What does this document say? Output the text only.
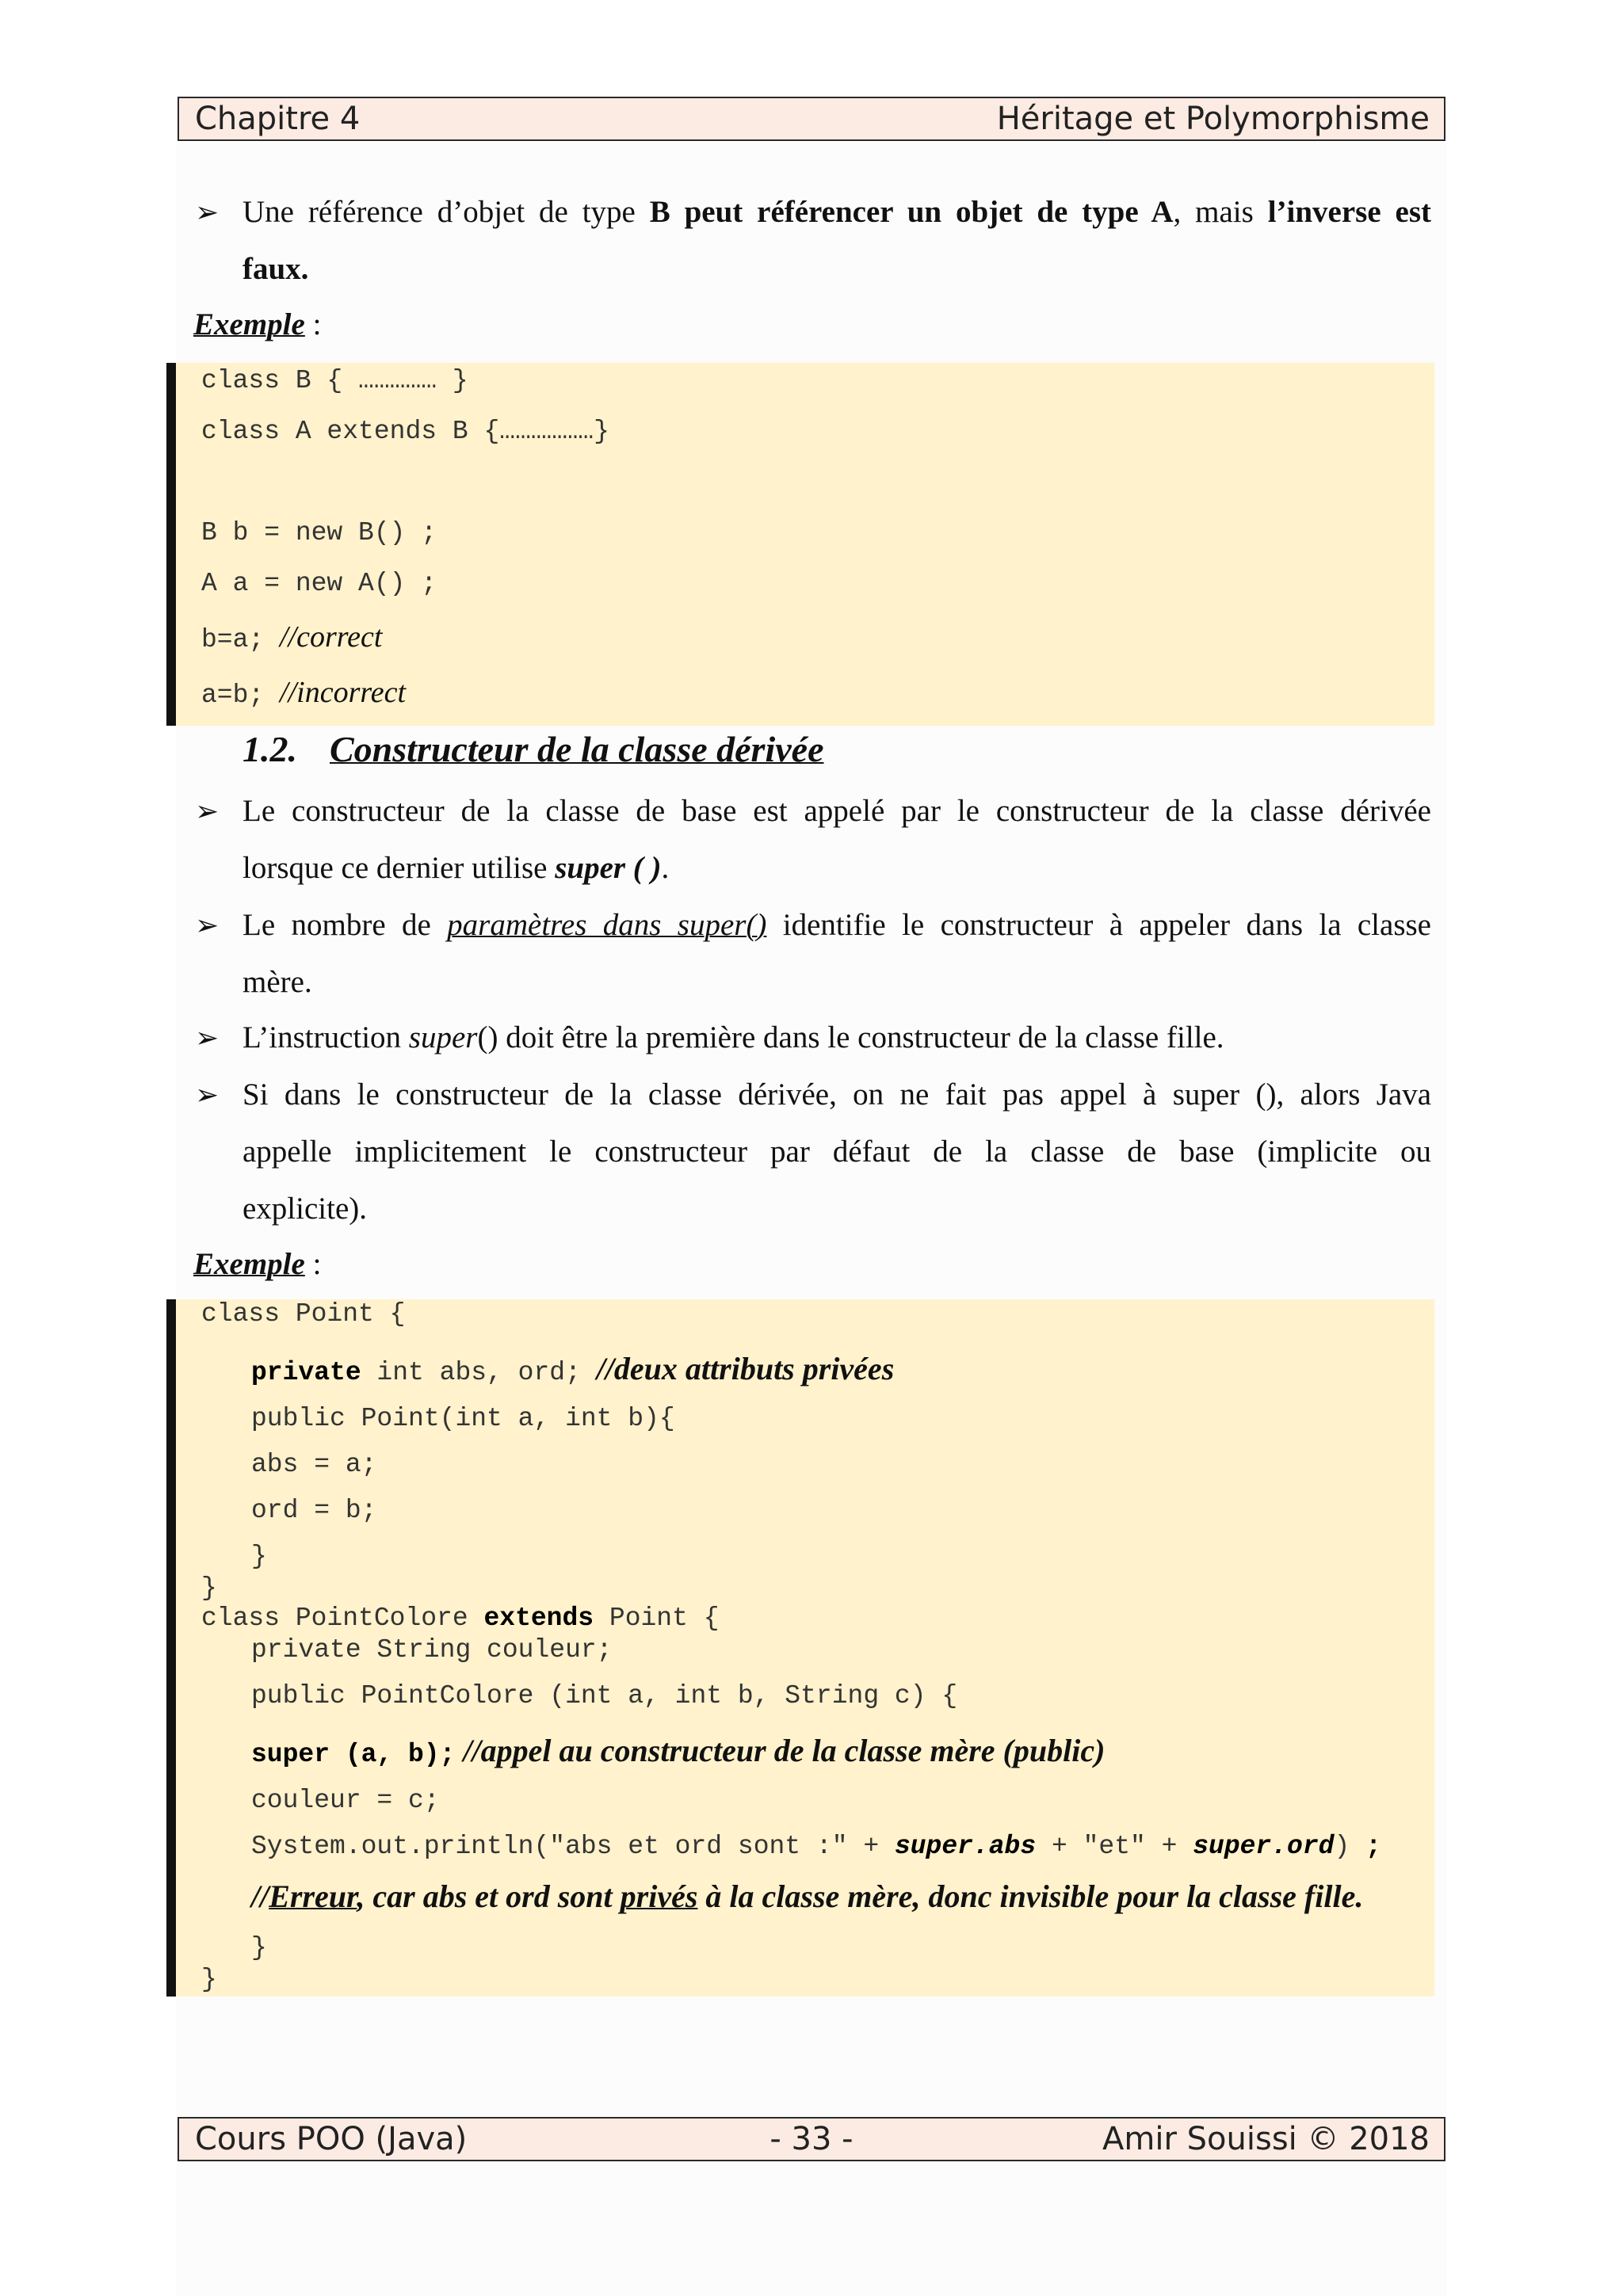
Chapitre 4	Héritage et Polymorphisme
➢ Une référence d’objet de type B peut référencer un objet de type A, mais l’inverse est
faux.
Exemple :
class B { …………… }
class A extends B {………………}
B b = new B() ;
A a = new A() ;
b=a; //correct
a=b; //incorrect
1.2. Constructeur de la classe dérivée
➢ Le constructeur de la classe de base est appelé par le constructeur de la classe dérivée
lorsque ce dernier utilise super ( ).
➢ Le nombre de paramètres dans super() identifie le constructeur à appeler dans la classe
mère.
➢ L’instruction super() doit être la première dans le constructeur de la classe fille.
➢ Si dans le constructeur de la classe dérivée, on ne fait pas appel à super (), alors Java
appelle implicitement le constructeur par défaut de la classe de base (implicite ou
explicite).
Exemple :
class Point {
private int abs, ord; //deux attributs privées
public Point(int a, int b){
abs = a;
ord = b;
}
}
class PointColore extends Point {
private String couleur;
public PointColore (int a, int b, String c) {
super (a, b); //appel au constructeur de la classe mère (public)
couleur = c;
System.out.println("abs et ord sont :" + super.abs + "et" + super.ord) ;
//Erreur, car abs et ord sont privés à la classe mère, donc invisible pour la classe fille.
}
}
Cours POO (Java)	- 33 -	Amir Souissi © 2018
